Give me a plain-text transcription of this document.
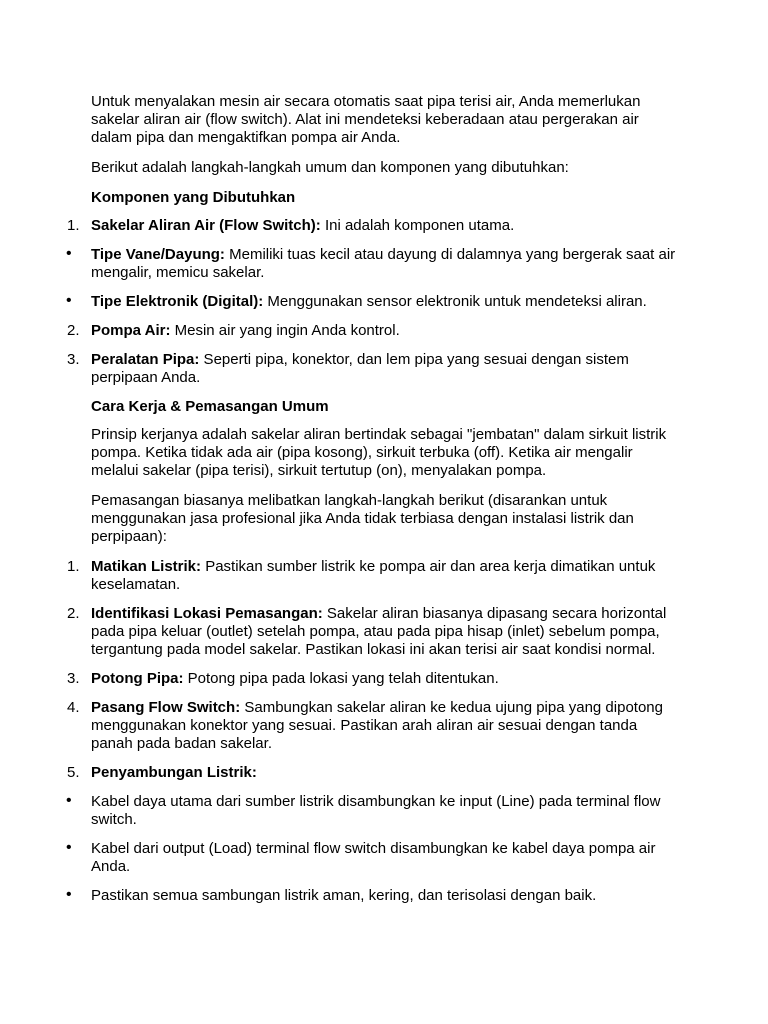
Untuk menyalakan mesin air secara otomatis saat pipa terisi air, Anda memerlukan sakelar aliran air (flow switch). Alat ini mendeteksi keberadaan atau pergerakan air dalam pipa dan mengaktifkan pompa air Anda.

Berikut adalah langkah-langkah umum dan komponen yang dibutuhkan:

Komponen yang Dibutuhkan

1. Sakelar Aliran Air (Flow Switch): Ini adalah komponen utama.
•	Tipe Vane/Dayung: Memiliki tuas kecil atau dayung di dalamnya yang bergerak saat air mengalir, memicu sakelar.
•	Tipe Elektronik (Digital): Menggunakan sensor elektronik untuk mendeteksi aliran.
2. Pompa Air: Mesin air yang ingin Anda kontrol.
3. Peralatan Pipa: Seperti pipa, konektor, dan lem pipa yang sesuai dengan sistem perpipaan Anda.

Cara Kerja & Pemasangan Umum

Prinsip kerjanya adalah sakelar aliran bertindak sebagai "jembatan" dalam sirkuit listrik pompa. Ketika tidak ada air (pipa kosong), sirkuit terbuka (off). Ketika air mengalir melalui sakelar (pipa terisi), sirkuit tertutup (on), menyalakan pompa.

Pemasangan biasanya melibatkan langkah-langkah berikut (disarankan untuk menggunakan jasa profesional jika Anda tidak terbiasa dengan instalasi listrik dan perpipaan):

1. Matikan Listrik: Pastikan sumber listrik ke pompa air dan area kerja dimatikan untuk keselamatan.
2. Identifikasi Lokasi Pemasangan: Sakelar aliran biasanya dipasang secara horizontal pada pipa keluar (outlet) setelah pompa, atau pada pipa hisap (inlet) sebelum pompa, tergantung pada model sakelar. Pastikan lokasi ini akan terisi air saat kondisi normal.
3. Potong Pipa: Potong pipa pada lokasi yang telah ditentukan.
4. Pasang Flow Switch: Sambungkan sakelar aliran ke kedua ujung pipa yang dipotong menggunakan konektor yang sesuai. Pastikan arah aliran air sesuai dengan tanda panah pada badan sakelar.
5. Penyambungan Listrik:
•	Kabel daya utama dari sumber listrik disambungkan ke input (Line) pada terminal flow switch.
•	Kabel dari output (Load) terminal flow switch disambungkan ke kabel daya pompa air Anda.
•	Pastikan semua sambungan listrik aman, kering, dan terisolasi dengan baik.
